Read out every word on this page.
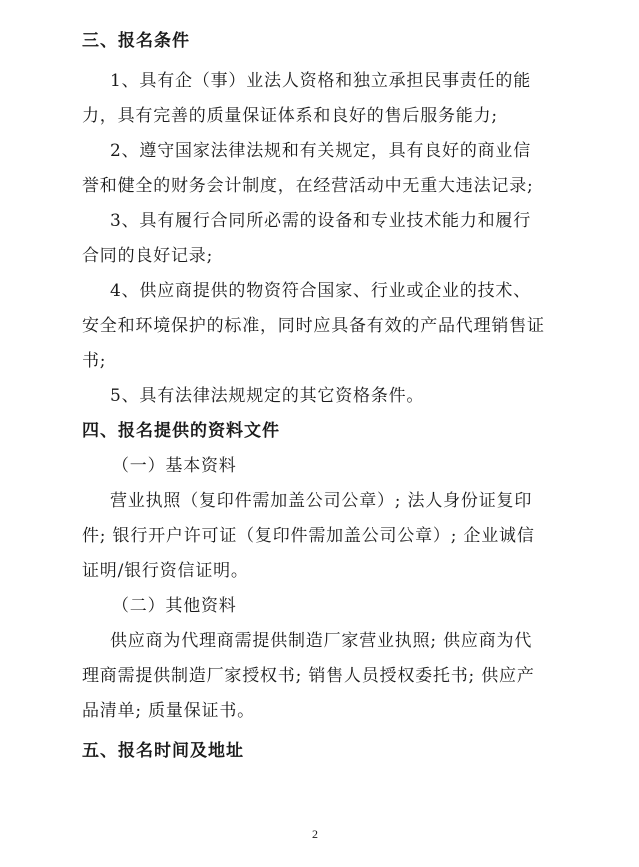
三、报名条件
1、具有企（事）业法人资格和独立承担民事责任的能
力，具有完善的质量保证体系和良好的售后服务能力;
2、遵守国家法律法规和有关规定，具有良好的商业信
誉和健全的财务会计制度，在经营活动中无重大违法记录;
3、具有履行合同所必需的设备和专业技术能力和履行
合同的良好记录;
4、供应商提供的物资符合国家、行业或企业的技术、
安全和环境保护的标准，同时应具备有效的产品代理销售证
书;
5、具有法律法规规定的其它资格条件。
四、报名提供的资料文件
（一）基本资料
营业执照（复印件需加盖公司公章）; 法人身份证复印
件; 银行开户许可证（复印件需加盖公司公章）; 企业诚信
证明/银行资信证明。
（二）其他资料
供应商为代理商需提供制造厂家营业执照; 供应商为代
理商需提供制造厂家授权书; 销售人员授权委托书; 供应产
品清单; 质量保证书。
五、报名时间及地址
2
